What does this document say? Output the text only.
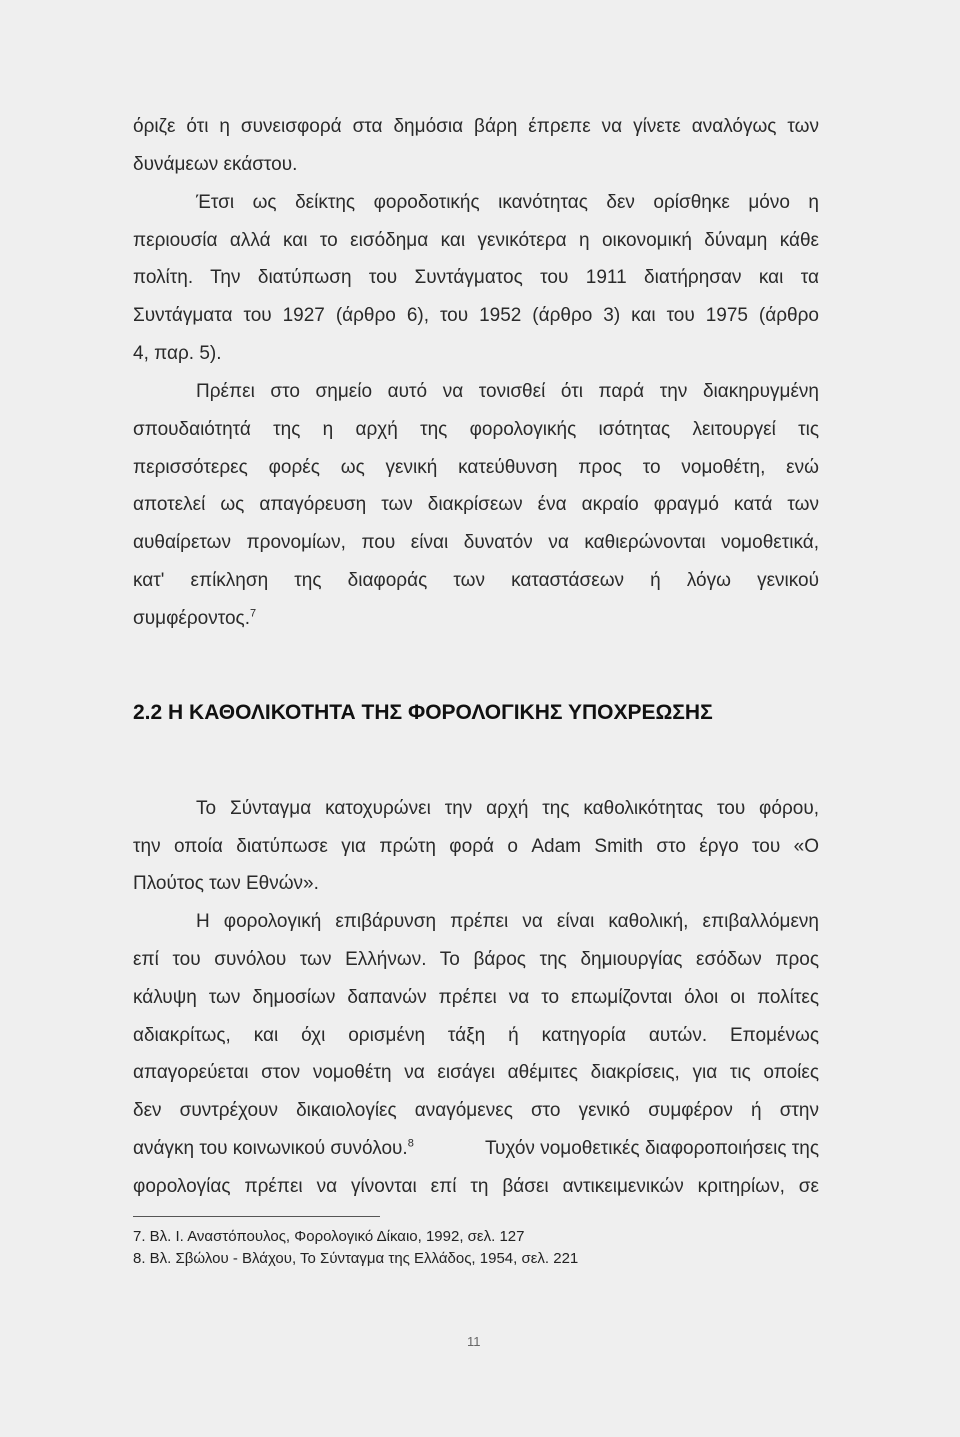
όριζε ότι η συνεισφορά στα δημόσια βάρη έπρεπε να γίνετε αναλόγως των
δυνάμεων εκάστου.
Έτσι ως δείκτης φοροδοτικής ικανότητας δεν ορίσθηκε μόνο η
περιουσία αλλά και το εισόδημα και γενικότερα η οικονομική δύναμη κάθε
πολίτη. Την διατύπωση του Συντάγματος του 1911 διατήρησαν και τα
Συντάγματα του 1927 (άρθρο 6), του 1952 (άρθρο 3) και του 1975 (άρθρο
4, παρ. 5).
Πρέπει στο σημείο αυτό να τονισθεί ότι παρά την διακηρυγμένη
σπουδαιότητά της η αρχή της φορολογικής ισότητας λειτουργεί τις
περισσότερες φορές ως γενική κατεύθυνση προς το νομοθέτη, ενώ
αποτελεί ως απαγόρευση των διακρίσεων ένα ακραίο φραγμό κατά των
αυθαίρετων προνομίων, που είναι δυνατόν να καθιερώνονται νομοθετικά,
κατ' επίκληση της διαφοράς των καταστάσεων ή λόγω γενικού
συμφέροντος.$^7$
2.2 Η ΚΑΘΟΛΙΚΟΤΗΤΑ ΤΗΣ ΦΟΡΟΛΟΓΙΚΗΣ ΥΠΟΧΡΕΩΣΗΣ
Το Σύνταγμα κατοχυρώνει την αρχή της καθολικότητας του φόρου,
την οποία διατύπωσε για πρώτη φορά ο Adam Smith στο έργο του «Ο
Πλούτος των Εθνών».
Η φορολογική επιβάρυνση πρέπει να είναι καθολική, επιβαλλόμενη
επί του συνόλου των Ελλήνων. Το βάρος της δημιουργίας εσόδων προς
κάλυψη των δημοσίων δαπανών πρέπει να το επωμίζονται όλοι οι πολίτες
αδιακρίτως, και όχι ορισμένη τάξη ή κατηγορία αυτών. Επομένως
απαγορεύεται στον νομοθέτη να εισάγει αθέμιτες διακρίσεις, για τις οποίες
δεν συντρέχουν δικαιολογίες αναγόμενες στο γενικό συμφέρον ή στην
ανάγκη του κοινωνικού συνόλου.$^8$	Τυχόν νομοθετικές διαφοροποιήσεις της
φορολογίας πρέπει να γίνονται επί τη βάσει αντικειμενικών κριτηρίων, σε
7. Βλ. Ι. Αναστόπουλος, Φορολογικό Δίκαιο, 1992, σελ. 127
8. Βλ. Σβώλου - Βλάχου, Το Σύνταγμα της Ελλάδος, 1954, σελ. 221
11
